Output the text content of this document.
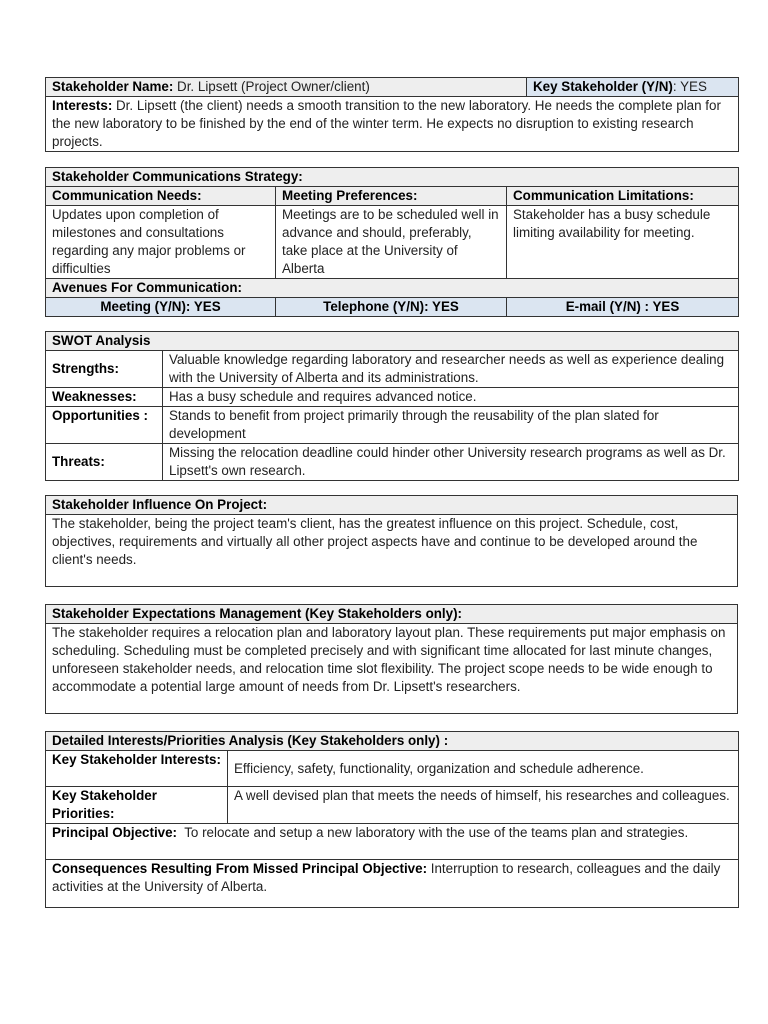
Stakeholder Name: Dr. Lipsett (Project Owner/client)	Key Stakeholder (Y/N): YES
Interests: Dr. Lipsett (the client) needs a smooth transition to the new laboratory. He needs the complete plan for the new laboratory to be finished by the end of the winter term. He expects no disruption to existing research projects.
Stakeholder Communications Strategy:		
Communication Needs:	Meeting Preferences:	Communication Limitations:
Updates upon completion of milestones and consultations regarding any major problems or difficulties	Meetings are to be scheduled well in advance and should, preferably, take place at the University of Alberta	Stakeholder has a busy schedule limiting availability for meeting.
Avenues For Communication:		
Meeting (Y/N): YES	Telephone (Y/N): YES	E-mail (Y/N) : YES
SWOT Analysis	
Strengths:	Valuable knowledge regarding laboratory and researcher needs as well as experience dealing with the University of Alberta and its administrations.
Weaknesses:	Has a busy schedule and requires advanced notice.
Opportunities :	Stands to benefit from project primarily through the reusability of the plan slated for development
Threats:	Missing the relocation deadline could hinder other University research programs as well as Dr. Lipsett's own research.
Stakeholder Influence On Project:
The stakeholder, being the project team's client, has the greatest influence on this project. Schedule, cost, objectives, requirements and virtually all other project aspects have and continue to be developed around the client's needs.
Stakeholder Expectations Management (Key Stakeholders only):
The stakeholder requires a relocation plan and laboratory layout plan. These requirements put major emphasis on scheduling. Scheduling must be completed precisely and with significant time allocated for last minute changes, unforeseen stakeholder needs, and relocation time slot flexibility. The project scope needs to be wide enough to accommodate a potential large amount of needs from Dr. Lipsett's researchers.
Detailed Interests/Priorities Analysis (Key Stakeholders only) :	
Key Stakeholder Interests:	Efficiency, safety, functionality, organization and schedule adherence.
Key Stakeholder Priorities:	A well devised plan that meets the needs of himself, his researches and colleagues.
Principal Objective: To relocate and setup a new laboratory with the use of the teams plan and strategies.	
Consequences Resulting From Missed Principal Objective: Interruption to research, colleagues and the daily activities at the University of Alberta.	
